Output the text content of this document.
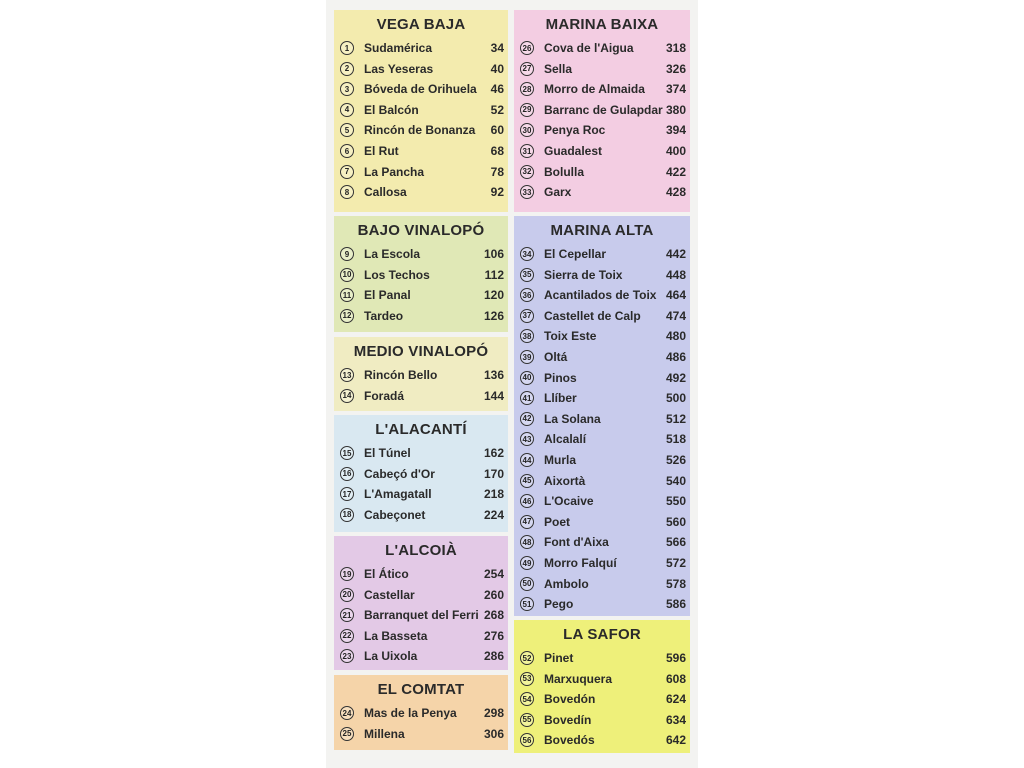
VEGA BAJA
1	Sudamérica	34
2	Las Yeseras	40
3	Bóveda de Orihuela	46
4	El Balcón	52
5	Rincón de Bonanza	60
6	El Rut	68
7	La Pancha	78
8	Callosa	92
BAJO VINALOPÓ
9	La Escola	106
10 Los Techos	112
11 El Panal	120
12 Tardeo	126
MEDIO VINALOPÓ
13 Rincón Bello	136
14 Foradá	144
L'ALACANTÍ
15 El Túnel	162
16 Cabeçó d'Or	170
17 L'Amagatall	218
18 Cabeçonet	224
L'ALCOIÀ
19 El Ático	254
20 Castellar	260
21 Barranquet del Ferri 268
22 La Basseta	276
23 La Uixola	286
EL COMTAT
24 Mas de la Penya	298
25 Millena	306
MARINA BAIXA
26 Cova de l'Aigua	318
27 Sella	326
28 Morro de Almaida	374
29 Barranc de Gulapdar 380
30 Penya Roc	394
31 Guadalest	400
32 Bolulla	422
33 Garx	428
MARINA ALTA
34 El Cepellar	442
35 Sierra de Toix	448
36 Acantilados de Toix 464
37 Castellet de Calp	474
38 Toix Este	480
39 Oltá	486
40 Pinos	492
41 Llíber	500
42 La Solana	512
43 Alcalalí	518
44 Murla	526
45 Aixortà	540
46 L'Ocaive	550
47 Poet	560
48 Font d'Aixa	566
49 Morro Falquí	572
50 Ambolo	578
51 Pego	586
LA SAFOR
52 Pinet	596
53 Marxuquera	608
54 Bovedón	624
55 Bovedín	634
56 Bovedós	642
